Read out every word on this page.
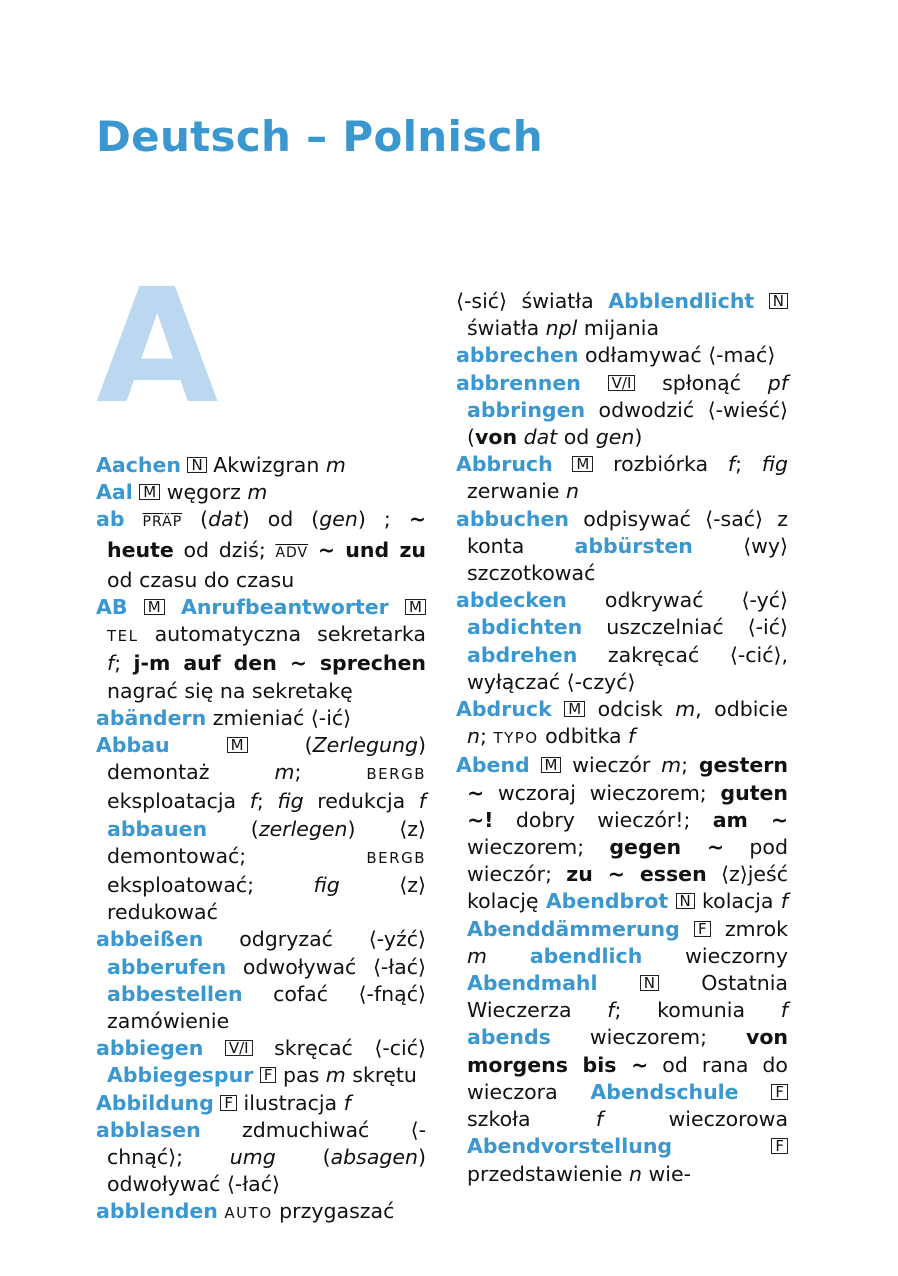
Deutsch – Polnisch
A
Aachen N Akwizgran m
Aal M węgorz m
ab PRÄP (dat) od (gen) ; ~ heute od dziś; $\overline{ADV}$ ~ und zu od czasu do czasu
AB M Anrufbeantworter M TEL automatyczna sekretarka f; j-m auf den ~ sprechen nagrać się na sekretakę
abändern zmieniać ⟨-ić⟩
Abbau	M (Zerlegung) demontaż m; BERGB eksploatacja f; fig redukcja f abbauen (zerlegen) ⟨z⟩demontować; BERGB eksploatować; fig ⟨z⟩redukować
abbeißen odgryzać ⟨-yźć⟩ abberufen odwoływać ⟨-łać⟩ abbestellen cofać ⟨-fnąć⟩ zamówienie
abbiegen V/I skręcać ⟨-cić⟩ Abbiegespur F pas m skrętu
Abbildung F ilustracja f
abblasen zdmuchiwać ⟨-chnąć⟩; umg (absagen) odwoływać ⟨-łać⟩
abblenden AUTO przygaszać
⟨-sić⟩ światła Abblendlicht N światła npl mijania
abbrechen odłamywać ⟨-mać⟩
abbrennen V/I spłonąć pf abbringen odwodzić ⟨-wieść⟩ (von dat od gen)
Abbruch M rozbiórka f; fig zerwanie n
abbuchen odpisywać ⟨-sać⟩ z konta abbürsten ⟨wy⟩szczotkować
abdecken odkrywać ⟨-yć⟩ abdichten uszczelniać ⟨-ić⟩ abdrehen zakręcać ⟨-cić⟩, wyłączać ⟨-czyć⟩
Abdruck M odcisk m, odbicie n; TYPO odbitka f
Abend M wieczór m; gestern ~ wczoraj wieczorem; guten ~! dobry wieczór!; am ~ wieczorem; gegen ~ pod wieczór; zu ~ essen ⟨z⟩jeść kolację Abendbrot N kolacja f Abenddämmerung F zmrok m abendlich wieczorny Abendmahl	N Ostatnia Wieczerza f; komunia f abends wieczorem; von morgens bis ~ od rana do wieczora Abendschule F szkoła f wieczorowa Abendvorstellung	F przedstawienie n wie-
